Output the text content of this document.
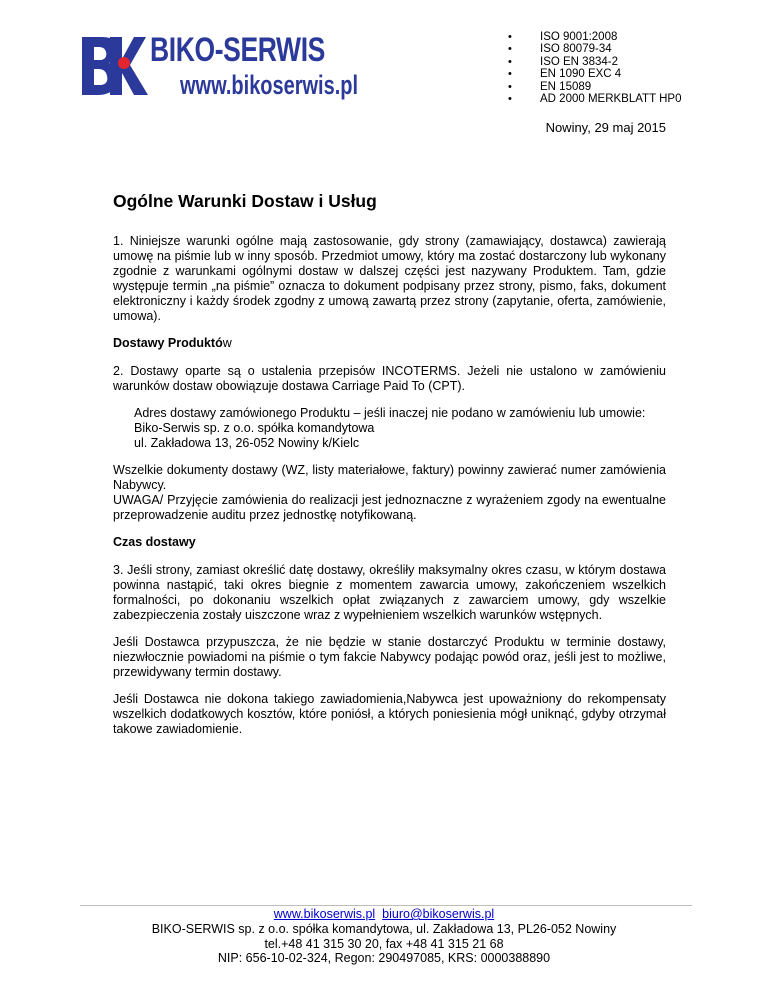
BIKO-SERWIS
www.bikoserwis.pl
• ISO 9001:2008
• ISO 80079-34
• ISO EN 3834-2
• EN 1090 EXC 4
• EN 15089
• AD 2000 MERKBLATT HP0
Nowiny, 29 maj 2015
Ogólne Warunki Dostaw i Usług

1. Niniejsze warunki ogólne mają zastosowanie, gdy strony (zamawiający, dostawca) zawierają umowę na piśmie lub w inny sposób. Przedmiot umowy, który ma zostać dostarczony lub wykonany zgodnie z warunkami ogólnymi dostaw w dalszej części jest nazywany Produktem. Tam, gdzie występuje termin „na piśmie” oznacza to dokument podpisany przez strony, pismo, faks, dokument elektroniczny i każdy środek zgodny z umową zawartą przez strony (zapytanie, oferta, zamówienie, umowa).

Dostawy Produktów

2. Dostawy oparte są o ustalenia przepisów INCOTERMS. Jeżeli nie ustalono w zamówieniu warunków dostaw obowiązuje dostawa Carriage Paid To (CPT).

Adres dostawy zamówionego Produktu – jeśli inaczej nie podano w zamówieniu lub umowie:
Biko-Serwis sp. z o.o. spółka komandytowa
ul. Zakładowa 13, 26-052 Nowiny k/Kielc

Wszelkie dokumenty dostawy (WZ, listy materiałowe, faktury) powinny zawierać numer zamówienia Nabywcy.

UWAGA/ Przyjęcie zamówienia do realizacji jest jednoznaczne z wyrażeniem zgody na ewentualne przeprowadzenie auditu przez jednostkę notyfikowaną.

Czas dostawy

3. Jeśli strony, zamiast określić datę dostawy, określiły maksymalny okres czasu, w którym dostawa powinna nastąpić, taki okres biegnie z momentem zawarcia umowy, zakończeniem wszelkich formalności, po dokonaniu wszelkich opłat związanych z zawarciem umowy, gdy wszelkie zabezpieczenia zostały uiszczone wraz z wypełnieniem wszelkich warunków wstępnych.

Jeśli Dostawca przypuszcza, że nie będzie w stanie dostarczyć Produktu w terminie dostawy, niezwłocznie powiadomi na piśmie o tym fakcie Nabywcy podając powód oraz, jeśli jest to możliwe, przewidywany termin dostawy.

Jeśli Dostawca nie dokona takiego zawiadomienia,Nabywca jest upoważniony do rekompensaty wszelkich dodatkowych kosztów, które poniósł, a których poniesienia mógł uniknąć, gdyby otrzymał takowe zawiadomienie.

www.bikoserwis.pl biuro@bikoserwis.pl
BIKO-SERWIS sp. z o.o. spółka komandytowa, ul. Zakładowa 13, PL26-052 Nowiny
tel.+48 41 315 30 20, fax +48 41 315 21 68
NIP: 656-10-02-324, Regon: 290497085, KRS: 0000388890
